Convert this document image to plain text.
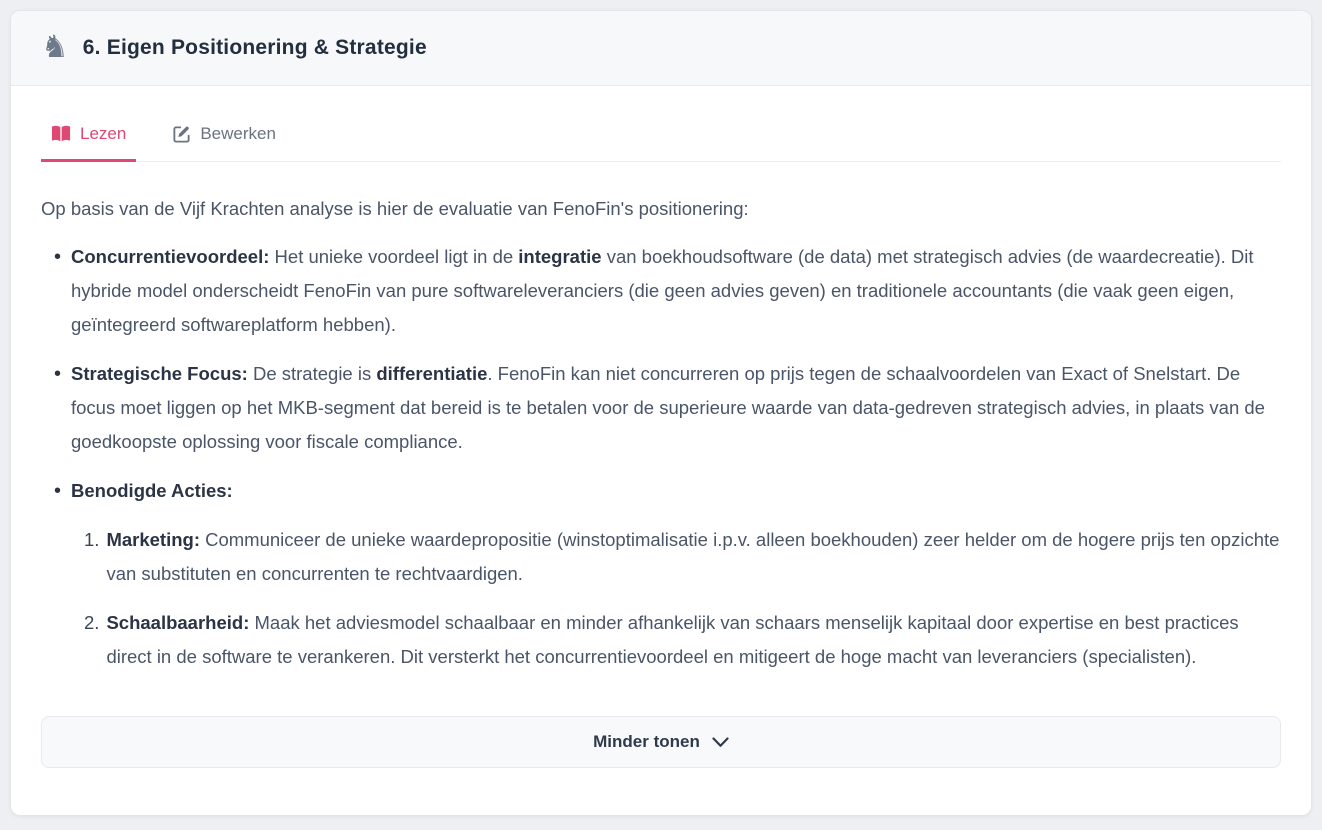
♞ 6. Eigen Positionering & Strategie
Lezen	Bewerken
Op basis van de Vijf Krachten analyse is hier de evaluatie van FenoFin's positionering:
• Concurrentievoordeel: Het unieke voordeel ligt in de integratie van boekhoudsoftware (de data) met strategisch advies (de waardecreatie). Dit hybride model onderscheidt FenoFin van pure softwareleveranciers (die geen advies geven) en traditionele accountants (die vaak geen eigen, geïntegreerd softwareplatform hebben).
• Strategische Focus: De strategie is differentiatie. FenoFin kan niet concurreren op prijs tegen de schaalvoordelen van Exact of Snelstart. De focus moet liggen op het MKB-segment dat bereid is te betalen voor de superieure waarde van data-gedreven strategisch advies, in plaats van de goedkoopste oplossing voor fiscale compliance.
• Benodigde Acties:
1. Marketing: Communiceer de unieke waardepropositie (winstoptimalisatie i.p.v. alleen boekhouden) zeer helder om de hogere prijs ten opzichte van substituten en concurrenten te rechtvaardigen.
2. Schaalbaarheid: Maak het adviesmodel schaalbaar en minder afhankelijk van schaars menselijk kapitaal door expertise en best practices direct in de software te verankeren. Dit versterkt het concurrentievoordeel en mitigeert de hoge macht van leveranciers (specialisten).
Minder tonen
